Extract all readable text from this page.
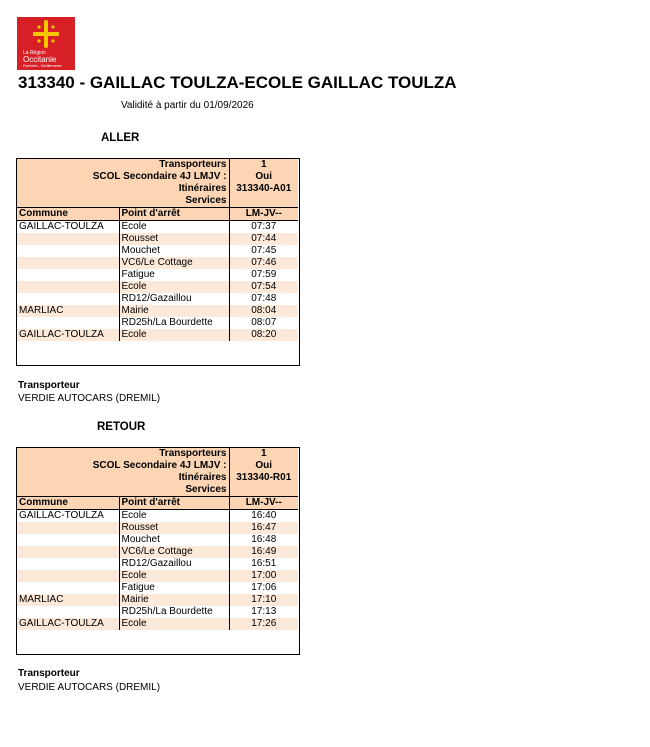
La Région
Occitanie
Pyrénées - Méditerranée
313340 - GAILLAC TOULZA-ECOLE GAILLAC TOULZA
Validité à partir du 01/09/2026
ALLER
Transporteurs		1
SCOL Secondaire 4J LMJV :		Oui
Itinéraires		313340-A01
Services		
Commune	Point d'arrêt	LM-JV--
GAILLAC-TOULZA	Ecole	07:37
	Rousset	07:44
	Mouchet	07:45
	VC6/Le Cottage	07:46
	Fatigue	07:59
	Ecole	07:54
	RD12/Gazaillou	07:48
MARLIAC	Mairie	08:04
	RD25h/La Bourdette	08:07
GAILLAC-TOULZA	Ecole	08:20
Transporteur
VERDIE AUTOCARS (DREMIL)
RETOUR
Transporteurs		1
SCOL Secondaire 4J LMJV :		Oui
Itinéraires		313340-R01
Services		
Commune	Point d'arrêt	LM-JV--
GAILLAC-TOULZA	Ecole	16:40
	Rousset	16:47
	Mouchet	16:48
	VC6/Le Cottage	16:49
	RD12/Gazaillou	16:51
	Ecole	17:00
	Fatigue	17:06
MARLIAC	Mairie	17:10
	RD25h/La Bourdette	17:13
GAILLAC-TOULZA	Ecole	17:26
Transporteur
VERDIE AUTOCARS (DREMIL)
